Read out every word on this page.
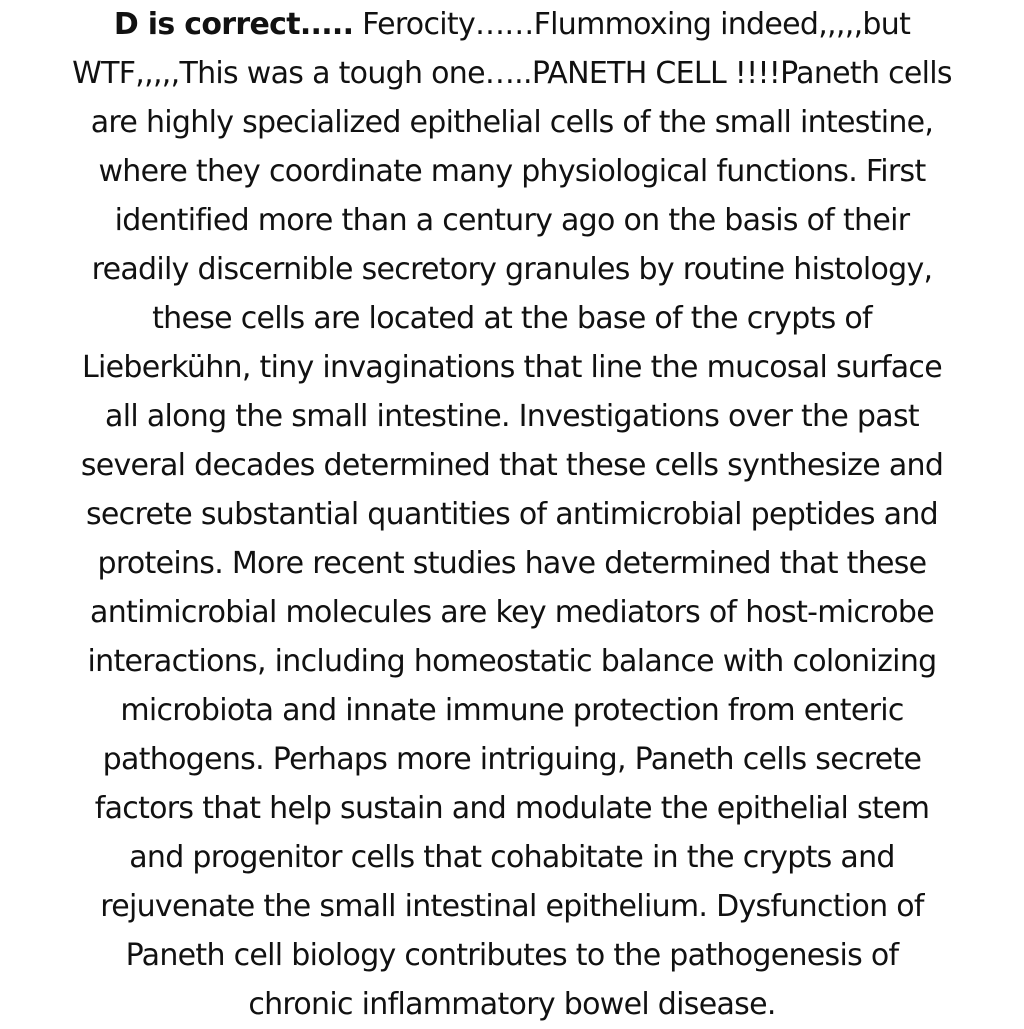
D is correct..... Ferocity……Flummoxing indeed,,,,,but
WTF,,,,,This was a tough one…..PANETH CELL !!!!Paneth cells
are highly specialized epithelial cells of the small intestine,
where they coordinate many physiological functions. First
identified more than a century ago on the basis of their
readily discernible secretory granules by routine histology,
these cells are located at the base of the crypts of
Lieberkühn, tiny invaginations that line the mucosal surface
all along the small intestine. Investigations over the past
several decades determined that these cells synthesize and
secrete substantial quantities of antimicrobial peptides and
proteins. More recent studies have determined that these
antimicrobial molecules are key mediators of host-microbe
interactions, including homeostatic balance with colonizing
microbiota and innate immune protection from enteric
pathogens. Perhaps more intriguing, Paneth cells secrete
factors that help sustain and modulate the epithelial stem
and progenitor cells that cohabitate in the crypts and
rejuvenate the small intestinal epithelium. Dysfunction of
Paneth cell biology contributes to the pathogenesis of
chronic inflammatory bowel disease.
